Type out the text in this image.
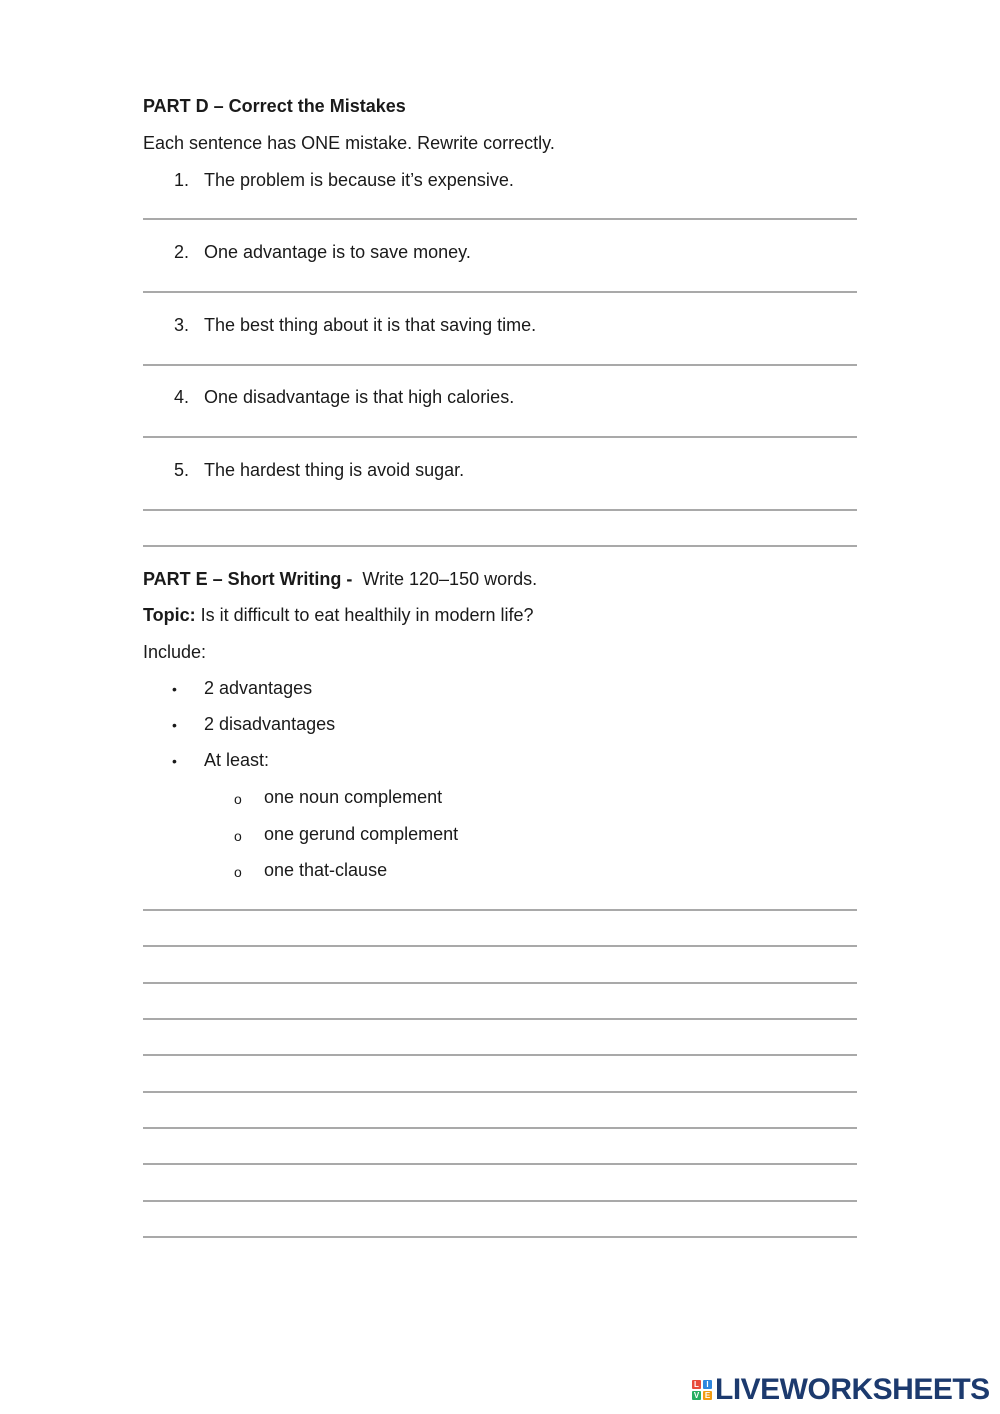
PART D – Correct the Mistakes
Each sentence has ONE mistake. Rewrite correctly.
1. The problem is because it’s expensive.
2. One advantage is to save money.
3. The best thing about it is that saving time.
4. One disadvantage is that high calories.
5. The hardest thing is avoid sugar.
PART E – Short Writing - Write 120–150 words.
Topic: Is it difficult to eat healthily in modern life?
Include:
• 2 advantages
• 2 disadvantages
• At least:
o one noun complement
o one gerund complement
o one that-clause
L I
V E LIVEWORKSHEETS
